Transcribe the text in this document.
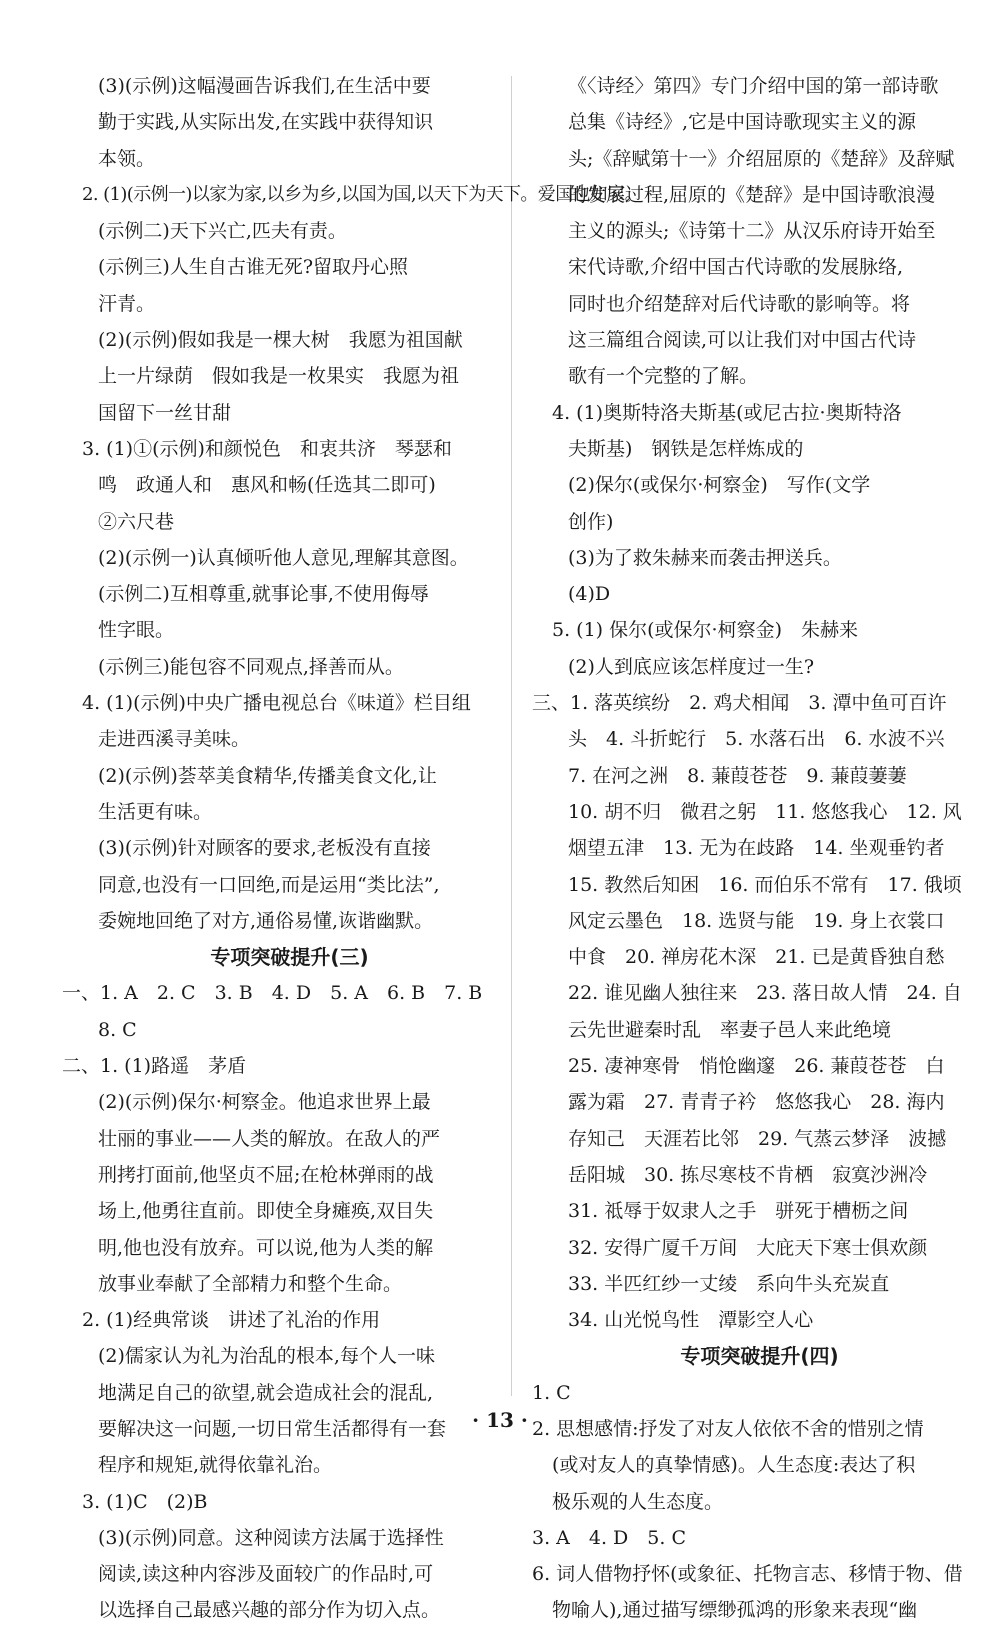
(3)(示例)这幅漫画告诉我们,在生活中要
勤于实践,从实际出发,在实践中获得知识
本领。
2. (1)(示例一)以家为家,以乡为乡,以国为国,以天下为天下。爱国也如家。
(示例二)天下兴亡,匹夫有责。
(示例三)人生自古谁无死?留取丹心照
汗青。
(2)(示例)假如我是一棵大树　我愿为祖国献
上一片绿荫　假如我是一枚果实　我愿为祖
国留下一丝甘甜
3. (1)①(示例)和颜悦色　和衷共济　琴瑟和
鸣　政通人和　惠风和畅(任选其二即可)
②六尺巷
(2)(示例一)认真倾听他人意见,理解其意图。
(示例二)互相尊重,就事论事,不使用侮辱
性字眼。
(示例三)能包容不同观点,择善而从。
4. (1)(示例)中央广播电视总台《味道》栏目组
走进西溪寻美味。
(2)(示例)荟萃美食精华,传播美食文化,让
生活更有味。
(3)(示例)针对顾客的要求,老板没有直接
同意,也没有一口回绝,而是运用“类比法”,
委婉地回绝了对方,通俗易懂,诙谐幽默。
专项突破提升(三)
一、1. A　2. C　3. B　4. D　5. A　6. B　7. B
8. C
二、1. (1)路遥　茅盾
(2)(示例)保尔·柯察金。他追求世界上最
壮丽的事业——人类的解放。在敌人的严
刑拷打面前,他坚贞不屈;在枪林弹雨的战
场上,他勇往直前。即使全身瘫痪,双目失
明,他也没有放弃。可以说,他为人类的解
放事业奉献了全部精力和整个生命。
2. (1)经典常谈　讲述了礼治的作用
(2)儒家认为礼为治乱的根本,每个人一味
地满足自己的欲望,就会造成社会的混乱,
要解决这一问题,一切日常生活都得有一套
程序和规矩,就得依靠礼治。
3. (1)C　(2)B
(3)(示例)同意。这种阅读方法属于选择性
阅读,读这种内容涉及面较广的作品时,可
以选择自己最感兴趣的部分作为切入点。
《〈诗经〉第四》专门介绍中国的第一部诗歌
总集《诗经》,它是中国诗歌现实主义的源
头;《辞赋第十一》介绍屈原的《楚辞》及辞赋
的发展过程,屈原的《楚辞》是中国诗歌浪漫
主义的源头;《诗第十二》从汉乐府诗开始至
宋代诗歌,介绍中国古代诗歌的发展脉络,
同时也介绍楚辞对后代诗歌的影响等。将
这三篇组合阅读,可以让我们对中国古代诗
歌有一个完整的了解。
4. (1)奥斯特洛夫斯基(或尼古拉·奥斯特洛
夫斯基)　钢铁是怎样炼成的
(2)保尔(或保尔·柯察金)　写作(文学
创作)
(3)为了救朱赫来而袭击押送兵。
(4)D
5. (1) 保尔(或保尔·柯察金)　朱赫来
(2)人到底应该怎样度过一生?
三、1. 落英缤纷　2. 鸡犬相闻　3. 潭中鱼可百许
头　4. 斗折蛇行　5. 水落石出　6. 水波不兴
7. 在河之洲　8. 蒹葭苍苍　9. 蒹葭萋萋
10. 胡不归　微君之躬　11. 悠悠我心　12. 风
烟望五津　13. 无为在歧路　14. 坐观垂钓者
15. 教然后知困　16. 而伯乐不常有　17. 俄顷
风定云墨色　18. 选贤与能　19. 身上衣裳口
中食　20. 禅房花木深　21. 已是黄昏独自愁
22. 谁见幽人独往来　23. 落日故人情　24. 自
云先世避秦时乱　率妻子邑人来此绝境
25. 凄神寒骨　悄怆幽邃　26. 蒹葭苍苍　白
露为霜　27. 青青子衿　悠悠我心　28. 海内
存知己　天涯若比邻　29. 气蒸云梦泽　波撼
岳阳城　30. 拣尽寒枝不肯栖　寂寞沙洲冷
31. 祗辱于奴隶人之手　骈死于槽枥之间
32. 安得广厦千万间　大庇天下寒士俱欢颜
33. 半匹红纱一丈绫　系向牛头充炭直
34. 山光悦鸟性　潭影空人心
专项突破提升(四)
1. C
2. 思想感情:抒发了对友人依依不舍的惜别之情
(或对友人的真挚情感)。人生态度:表达了积
极乐观的人生态度。
3. A　4. D　5. C
6. 词人借物抒怀(或象征、托物言志、移情于物、借
物喻人),通过描写缥缈孤鸿的形象来表现“幽
· 13 ·
